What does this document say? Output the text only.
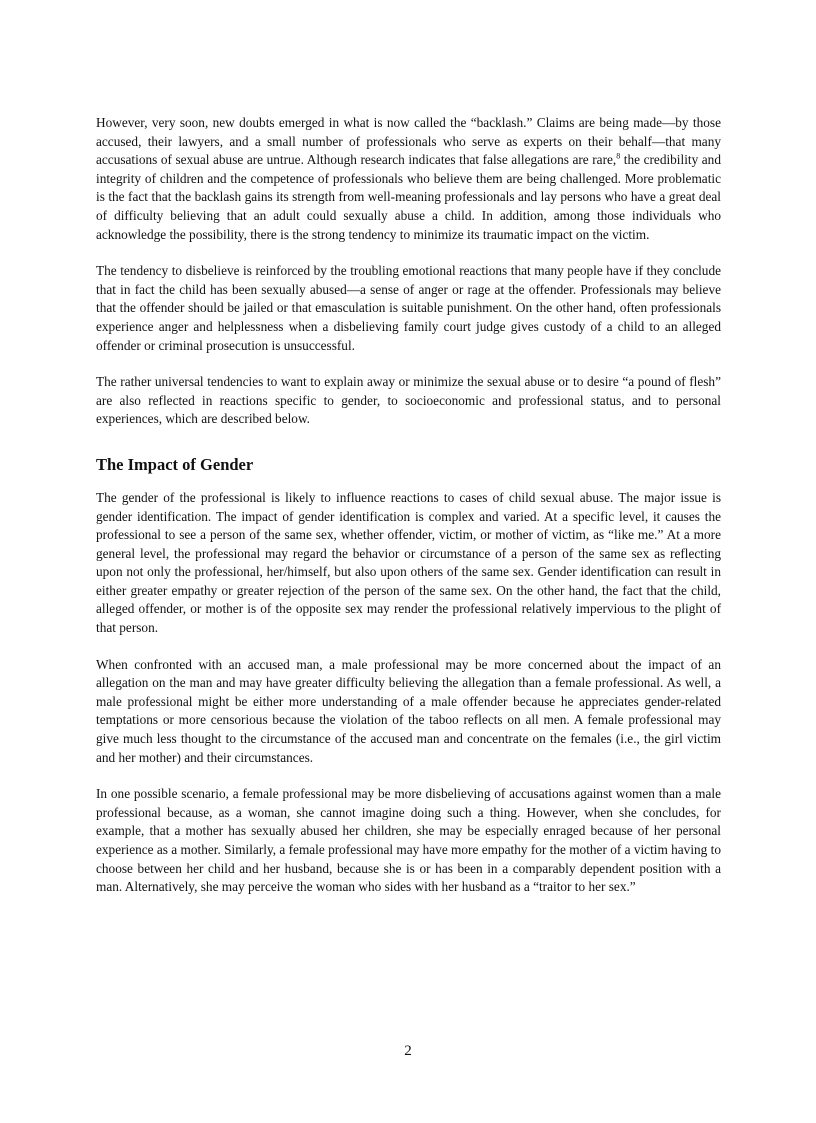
However, very soon, new doubts emerged in what is now called the “backlash.” Claims are being made—by those accused, their lawyers, and a small number of professionals who serve as experts on their behalf—that many accusations of sexual abuse are untrue. Although research indicates that false allegations are rare,$^8$ the credibility and integrity of children and the competence of professionals who believe them are being challenged. More problematic is the fact that the backlash gains its strength from well-meaning professionals and lay persons who have a great deal of difficulty believing that an adult could sexually abuse a child. In addition, among those individuals who acknowledge the possibility, there is the strong tendency to minimize its traumatic impact on the victim.

The tendency to disbelieve is reinforced by the troubling emotional reactions that many people have if they conclude that in fact the child has been sexually abused—a sense of anger or rage at the offender. Professionals may believe that the offender should be jailed or that emasculation is suitable punishment. On the other hand, often professionals experience anger and helplessness when a disbelieving family court judge gives custody of a child to an alleged offender or criminal prosecution is unsuccessful.

The rather universal tendencies to want to explain away or minimize the sexual abuse or to desire “a pound of flesh” are also reflected in reactions specific to gender, to socioeconomic and professional status, and to personal experiences, which are described below.

The Impact of Gender

The gender of the professional is likely to influence reactions to cases of child sexual abuse. The major issue is gender identification. The impact of gender identification is complex and varied. At a specific level, it causes the professional to see a person of the same sex, whether offender, victim, or mother of victim, as “like me.” At a more general level, the professional may regard the behavior or circumstance of a person of the same sex as reflecting upon not only the professional, her/himself, but also upon others of the same sex. Gender identification can result in either greater empathy or greater rejection of the person of the same sex. On the other hand, the fact that the child, alleged offender, or mother is of the opposite sex may render the professional relatively impervious to the plight of that person.

When confronted with an accused man, a male professional may be more concerned about the impact of an allegation on the man and may have greater difficulty believing the allegation than a female professional. As well, a male professional might be either more understanding of a male offender because he appreciates gender-related temptations or more censorious because the violation of the taboo reflects on all men. A female professional may give much less thought to the circumstance of the accused man and concentrate on the females (i.e., the girl victim and her mother) and their circumstances.

In one possible scenario, a female professional may be more disbelieving of accusations against women than a male professional because, as a woman, she cannot imagine doing such a thing. However, when she concludes, for example, that a mother has sexually abused her children, she may be especially enraged because of her personal experience as a mother. Similarly, a female professional may have more empathy for the mother of a victim having to choose between her child and her husband, because she is or has been in a comparably dependent position with a man. Alternatively, she may perceive the woman who sides with her husband as a “traitor to her sex.”

2
